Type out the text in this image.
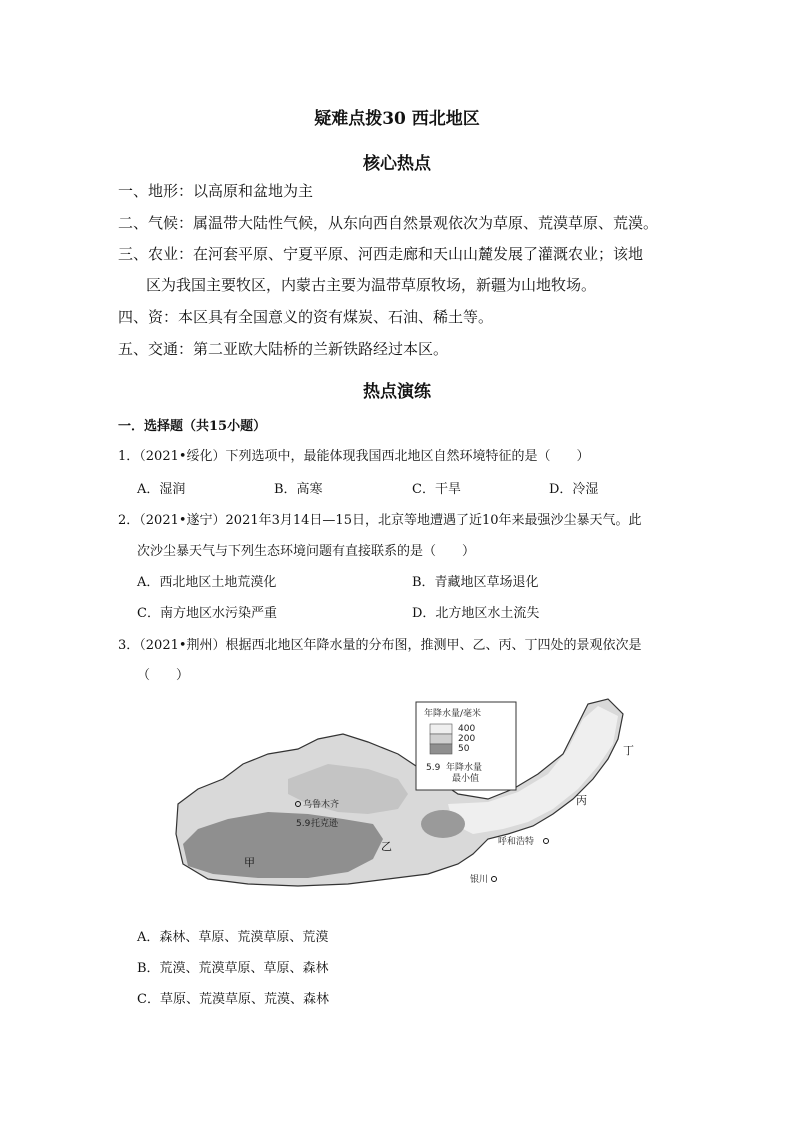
疑难点拨30 西北地区
核心热点
一、地形：以高原和盆地为主
二、气候：属温带大陆性气候，从东向西自然景观依次为草原、荒漠草原、荒漠。
三、农业：在河套平原、宁夏平原、河西走廊和天山山麓发展了灌溉农业；该地
区为我国主要牧区，内蒙古主要为温带草原牧场，新疆为山地牧场。
四、资：本区具有全国意义的资有煤炭、石油、稀土等。
五、交通：第二亚欧大陆桥的兰新铁路经过本区。
热点演练
一．选择题（共15小题）
1．（2021•绥化）下列选项中，最能体现我国西北地区自然环境特征的是（　　）
A．湿润	B．高寒	C．干旱	D．冷湿
2．（2021•遂宁）2021年3月14日—15日，北京等地遭遇了近10年来最强沙尘暴天气。此
次沙尘暴天气与下列生态环境问题有直接联系的是（　　）
A．西北地区土地荒漠化	B．青藏地区草场退化
C．南方地区水污染严重	D．北方地区水土流失
3．（2021•荆州）根据西北地区年降水量的分布图，推测甲、乙、丙、丁四处的景观依次是
（　　）
年降水量/毫米
400
200
50
5.9 年降水量
最小值
乌鲁木齐
5.9 托克逊
呼和浩特
银川
甲
乙
丙
丁
A．森林、草原、荒漠草原、荒漠
B．荒漠、荒漠草原、草原、森林
C．草原、荒漠草原、荒漠、森林
